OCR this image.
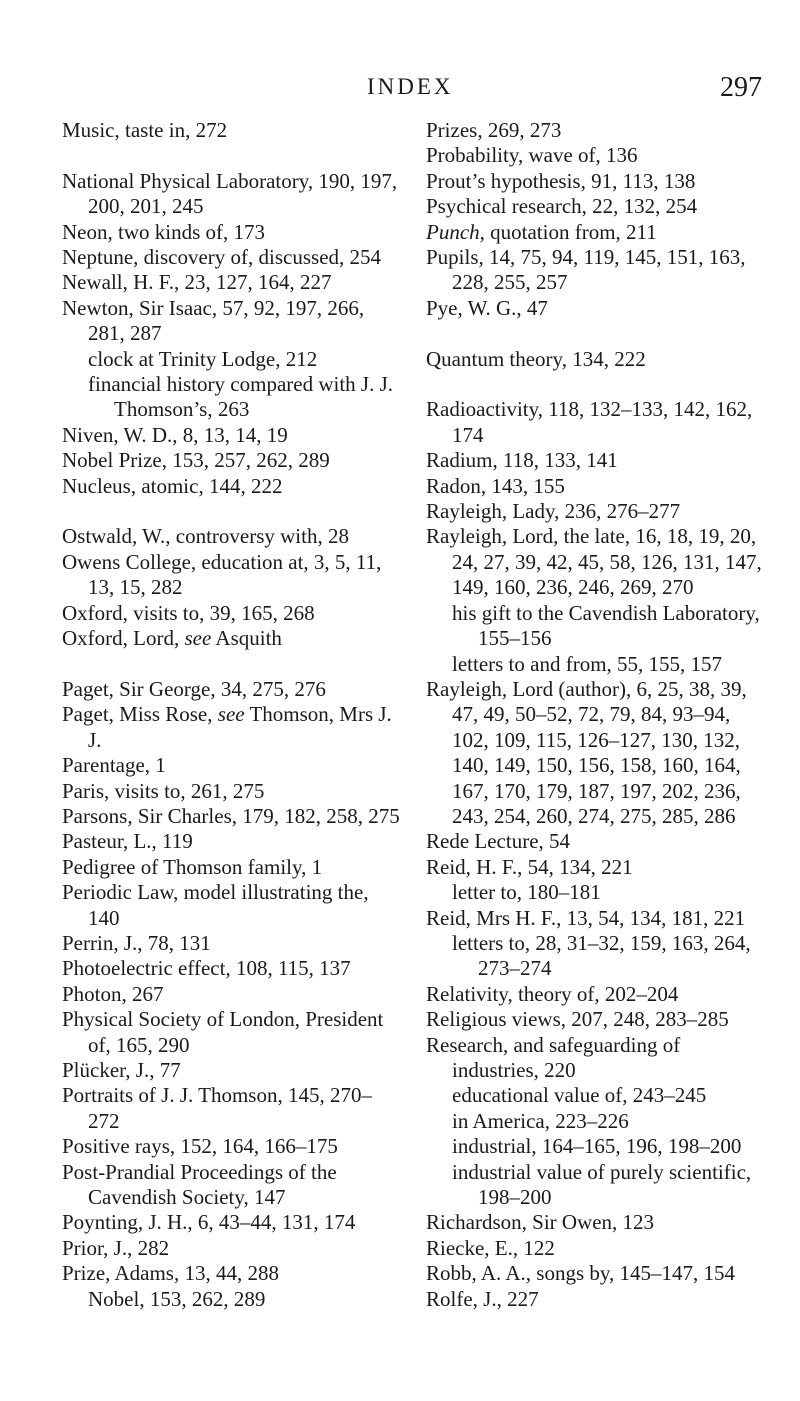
INDEX	297
Music, taste in, 272
National Physical Laboratory, 190, 197, 200, 201, 245
Neon, two kinds of, 173
Neptune, discovery of, discussed, 254
Newall, H. F., 23, 127, 164, 227
Newton, Sir Isaac, 57, 92, 197, 266, 281, 287
clock at Trinity Lodge, 212
financial history compared with J. J. Thomson’s, 263
Niven, W. D., 8, 13, 14, 19
Nobel Prize, 153, 257, 262, 289
Nucleus, atomic, 144, 222
Ostwald, W., controversy with, 28
Owens College, education at, 3, 5, 11, 13, 15, 282
Oxford, visits to, 39, 165, 268
Oxford, Lord, see Asquith
Paget, Sir George, 34, 275, 276
Paget, Miss Rose, see Thomson, Mrs J. J.
Parentage, 1
Paris, visits to, 261, 275
Parsons, Sir Charles, 179, 182, 258, 275
Pasteur, L., 119
Pedigree of Thomson family, 1
Periodic Law, model illustrating the, 140
Perrin, J., 78, 131
Photoelectric effect, 108, 115, 137
Photon, 267
Physical Society of London, President of, 165, 290
Plücker, J., 77
Portraits of J. J. Thomson, 145, 270–272
Positive rays, 152, 164, 166–175
Post-Prandial Proceedings of the Cavendish Society, 147
Poynting, J. H., 6, 43–44, 131, 174
Prior, J., 282
Prize, Adams, 13, 44, 288
Nobel, 153, 262, 289
Prizes, 269, 273
Probability, wave of, 136
Prout’s hypothesis, 91, 113, 138
Psychical research, 22, 132, 254
Punch, quotation from, 211
Pupils, 14, 75, 94, 119, 145, 151, 163, 228, 255, 257
Pye, W. G., 47
Quantum theory, 134, 222
Radioactivity, 118, 132–133, 142, 162, 174
Radium, 118, 133, 141
Radon, 143, 155
Rayleigh, Lady, 236, 276–277
Rayleigh, Lord, the late, 16, 18, 19, 20, 24, 27, 39, 42, 45, 58, 126, 131, 147, 149, 160, 236, 246, 269, 270
his gift to the Cavendish Laboratory, 155–156
letters to and from, 55, 155, 157
Rayleigh, Lord (author), 6, 25, 38, 39, 47, 49, 50–52, 72, 79, 84, 93–94, 102, 109, 115, 126–127, 130, 132, 140, 149, 150, 156, 158, 160, 164, 167, 170, 179, 187, 197, 202, 236, 243, 254, 260, 274, 275, 285, 286
Rede Lecture, 54
Reid, H. F., 54, 134, 221
letter to, 180–181
Reid, Mrs H. F., 13, 54, 134, 181, 221
letters to, 28, 31–32, 159, 163, 264, 273–274
Relativity, theory of, 202–204
Religious views, 207, 248, 283–285
Research, and safeguarding of industries, 220
educational value of, 243–245
in America, 223–226
industrial, 164–165, 196, 198–200
industrial value of purely scientific, 198–200
Richardson, Sir Owen, 123
Riecke, E., 122
Robb, A. A., songs by, 145–147, 154
Rolfe, J., 227
